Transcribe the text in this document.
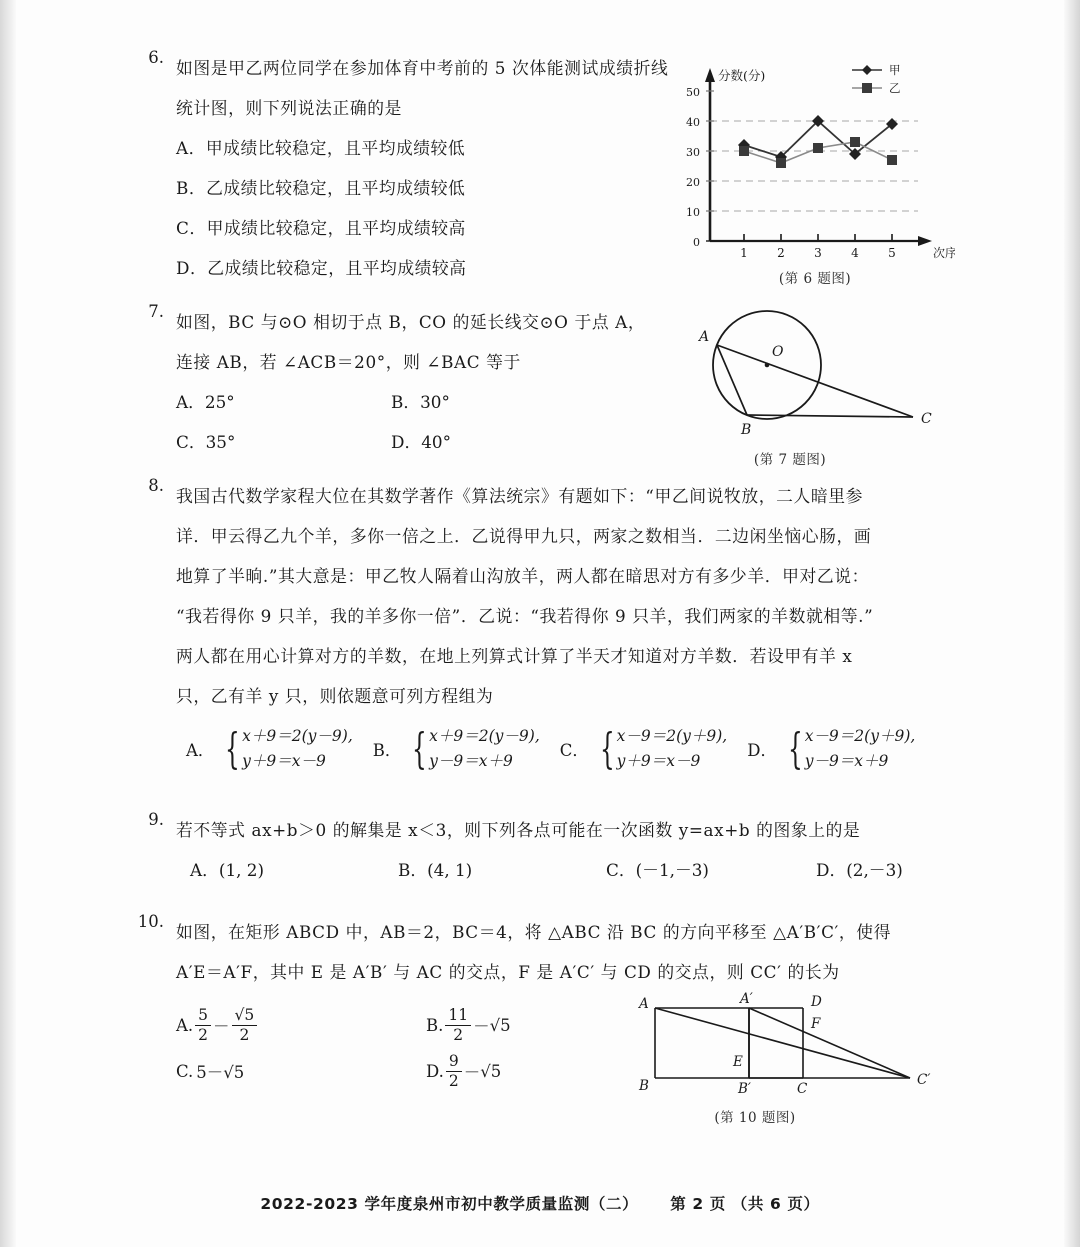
6.
如图是甲乙两位同学在参加体育中考前的 5 次体能测试成绩折线
统计图，则下列说法正确的是
A．甲成绩比较稳定，且平均成绩较低
B．乙成绩比较稳定，且平均成绩较低
C．甲成绩比较稳定，且平均成绩较高
D．乙成绩比较稳定，且平均成绩较高
0
10
20
30
40
50
分数(分)
1 2 3 4 5	次序
甲
乙
(第 6 题图)
7.
如图，BC 与⊙O 相切于点 B，CO 的延长线交⊙O 于点 A，
连接 AB，若 ∠ACB＝20°，则 ∠BAC 等于
A．25°	B．30°
C．35°	D．40°
A
O
B
C
(第 7 题图)
8.
我国古代数学家程大位在其数学著作《算法统宗》有题如下：“甲乙间说牧放，二人暗里参
详．甲云得乙九个羊，多你一倍之上．乙说得甲九只，两家之数相当．二边闲坐恼心肠，画
地算了半晌.”其大意是：甲乙牧人隔着山沟放羊，两人都在暗思对方有多少羊．甲对乙说：
“我若得你 9 只羊，我的羊多你一倍”．乙说：“我若得你 9 只羊，我们两家的羊数就相等.”
两人都在用心计算对方的羊数，在地上列算式计算了半天才知道对方羊数．若设甲有羊 x
只，乙有羊 y 只，则依题意可列方程组为
A． { x＋9＝2(y－9),
y＋9＝x－9
B． { x＋9＝2(y－9),
y－9＝x＋9
C． { x－9＝2(y＋9),
y＋9＝x－9
D． { x－9＝2(y＋9),
y－9＝x＋9
9.
若不等式 ax+b＞0 的解集是 x＜3，则下列各点可能在一次函数 y=ax+b 的图象上的是
A．(1, 2)	B．(4, 1)	C．(－1,－3)	D．(2,－3)
10.
如图，在矩形 ABCD 中，AB＝2，BC＝4，将 △ABC 沿 BC 的方向平移至 △A′B′C′，使得
A′E＝A′F，其中 E 是 A′B′ 与 AC 的交点，F 是 A′C′ 与 CD 的交点，则 CC′ 的长为
A. $\frac{5}{2} - \frac{√5}{2}$	B. $\frac{11}{2} - √5$
C. 5－√5	D. $\frac{9}{2} - √5$
A	A′	D
F
E
B	B′	C
C′
(第 10 题图)
2022-2023 学年度泉州市初中教学质量监测（二） 第 2 页 （共 6 页）
